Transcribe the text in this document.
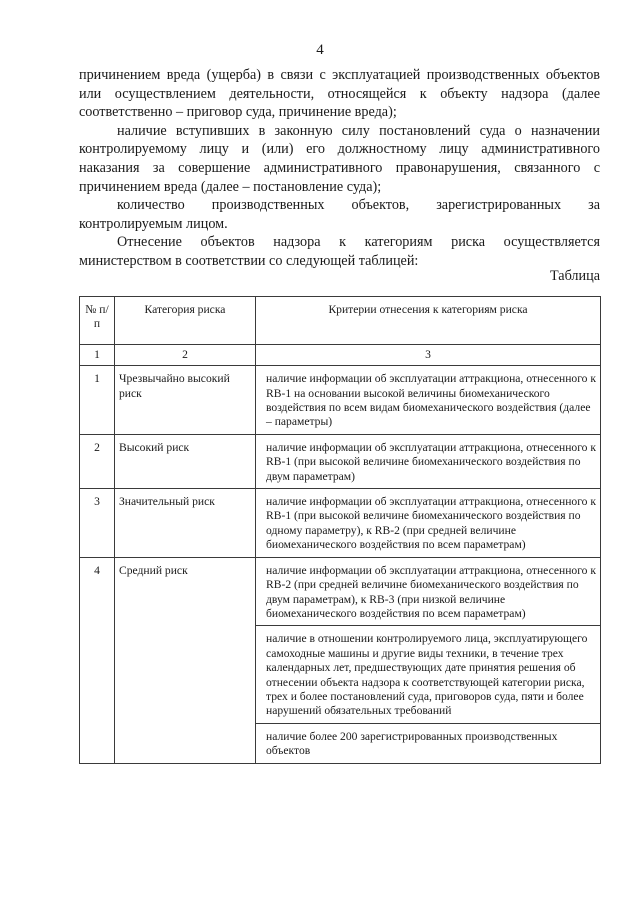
4

причинением вреда (ущерба) в связи с эксплуатацией производственных объектов или осуществлением деятельности, относящейся к объекту надзора (далее соответственно – приговор суда, причинение вреда);

наличие вступивших в законную силу постановлений суда о назначении контролируемому лицу и (или) его должностному лицу административного наказания за совершение административного правонарушения, связанного с причинением вреда (далее – постановление суда);

количество производственных объектов, зарегистрированных за контролируемым лицом.

Отнесение объектов надзора к категориям риска осуществляется министерством в соответствии со следующей таблицей:

Таблица
№ п/п	Категория риска	Критерии отнесения к категориям риска
1	2	3
1	Чрезвычайно высокий риск	наличие информации об эксплуатации аттракциона, отнесенного к RB-1 на основании высокой величины биомеханического воздействия по всем видам биомеханического воздействия (далее – параметры)
2	Высокий риск	наличие информации об эксплуатации аттракциона, отнесенного к RB-1 (при высокой величине биомеханического воздействия по двум параметрам)
3	Значительный риск	наличие информации об эксплуатации аттракциона, отнесенного к RB-1 (при высокой величине биомеханического воздействия по одному параметру), к RB-2 (при средней величине биомеханического воздействия по всем параметрам)
4	Средний риск	наличие информации об эксплуатации аттракциона, отнесенного к RB-2 (при средней величине биомеханического воздействия по двум параметрам), к RB-3 (при низкой величине биомеханического воздействия по всем параметрам)
		наличие в отношении контролируемого лица, эксплуатирующего самоходные машины и другие виды техники, в течение трех календарных лет, предшествующих дате принятия решения об отнесении объекта надзора к соответствующей категории риска, трех и более постановлений суда, приговоров суда, пяти и более нарушений обязательных требований
		наличие более 200 зарегистрированных производственных объектов
